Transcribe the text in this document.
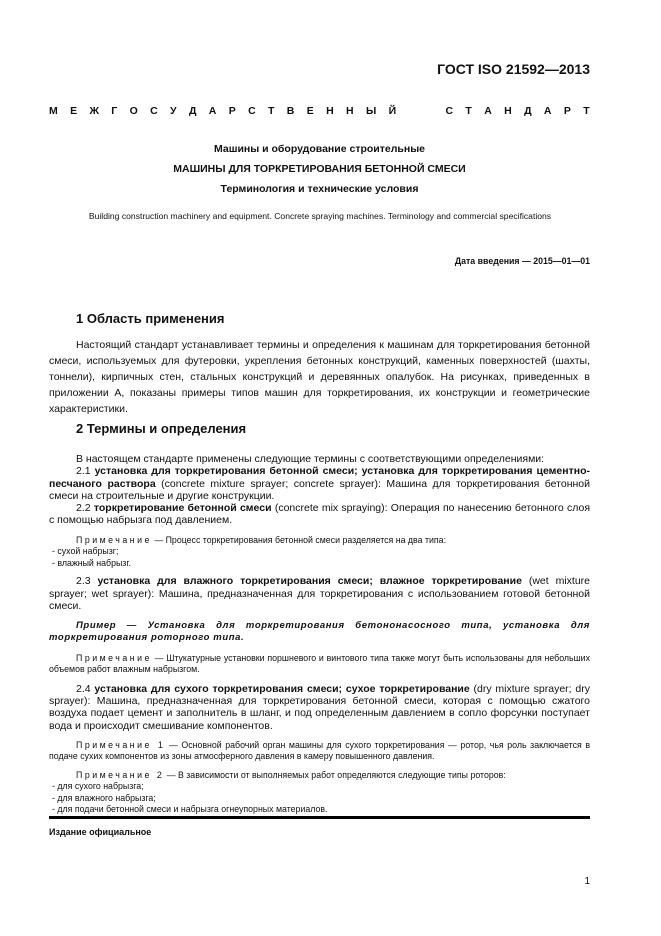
ГОСТ ISO 21592—2013
М Е Ж Г О С У Д А Р С Т В Е Н Н Ы Й	С Т А Н Д А Р Т
Машины и оборудование строительные
МАШИНЫ ДЛЯ ТОРКРЕТИРОВАНИЯ БЕТОННОЙ СМЕСИ
Терминология и технические условия
Building construction machinery and equipment. Concrete spraying machines. Terminology and commercial specifications
Дата введения — 2015—01—01
1 Область применения
Настоящий стандарт устанавливает термины и определения к машинам для торкретирования бетонной смеси, используемых для футеровки, укрепления бетонных конструкций, каменных поверхностей (шахты, тоннели), кирпичных стен, стальных конструкций и деревянных опалубок. На рисунках, приведенных в приложении А, показаны примеры типов машин для торкретирования, их конструкции и геометрические характеристики.
2 Термины и определения

В настоящем стандарте применены следующие термины с соответствующими определениями:

2.1 установка для торкретирования бетонной смеси; установка для торкретирования цементно-песчаного раствора (concrete mixture sprayer; concrete sprayer): Машина для торкретирования бетонной смеси на строительные и другие конструкции.

2.2 торкретирование бетонной смеси (concrete mix spraying): Операция по нанесению бетонного слоя с помощью набрызга под давлением.

Примечание — Процесс торкретирования бетонной смеси разделяется на два типа:
- сухой набрызг;
- влажный набрызг.

2.3 установка для влажного торкретирования смеси; влажное торкретирование (wet mixture sprayer; wet sprayer): Машина, предназначенная для торкретирования с использованием готовой бетонной смеси.

Пример — Установка для торкретирования бетононасосного типа, установка для торкретирования роторного типа.
Примечание — Штукатурные установки поршневого и винтового типа также могут быть использованы для небольших объемов работ влажным набрызгом.

2.4 установка для сухого торкретирования смеси; сухое торкретирование (dry mixture sprayer; dry sprayer): Машина, предназначенная для торкретирования бетонной смеси, которая с помощью сжатого воздуха подает цемент и заполнитель в шланг, и под определенным давлением в сопло форсунки поступает вода и происходит смешивание компонентов.

Примечание 1 — Основной рабочий орган машины для сухого торкретирования — ротор, чья роль заключается в подаче сухих компонентов из зоны атмосферного давления в камеру повышенного давления.
Примечание 2 — В зависимости от выполняемых работ определяются следующие типы роторов:
- для сухого набрызга;
- для влажного набрызга;
- для подачи бетонной смеси и набрызга огнеупорных материалов.
Издание официальное
1
